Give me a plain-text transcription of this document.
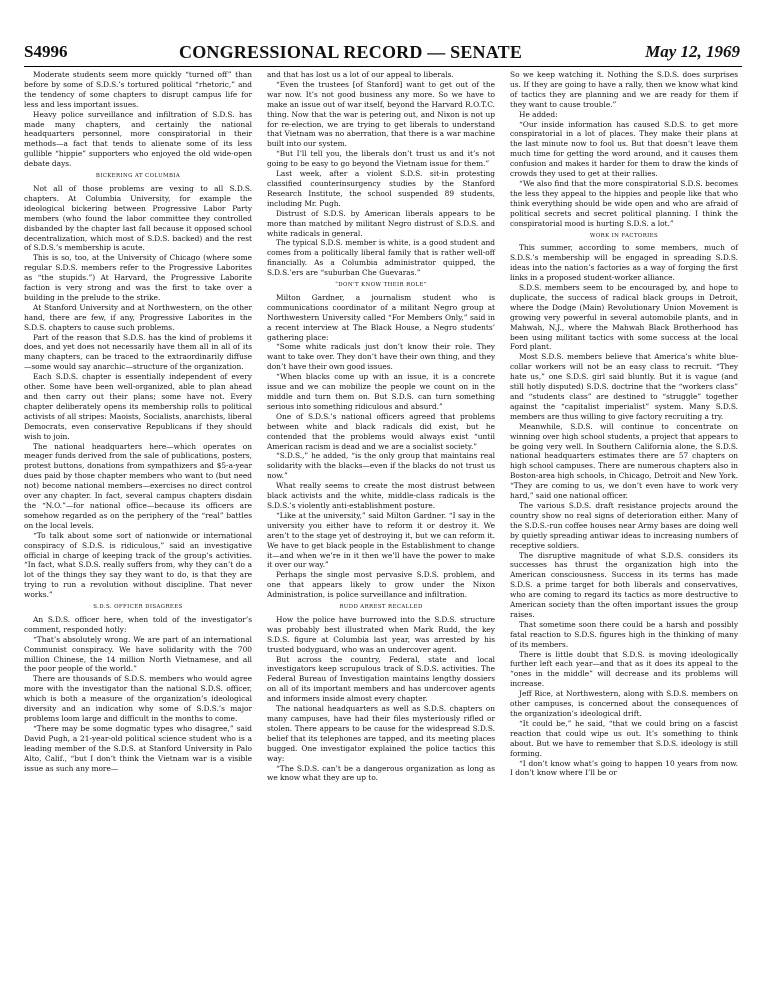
S4996	CONGRESSIONAL RECORD — SENATE	May 12, 1969

Moderate students seem more quickly “turned off” than before by some of S.D.S.’s tortured political “rhetoric,” and the tendency of some chapters to disrupt campus life for less and less important issues.

Heavy police surveillance and infiltration of S.D.S. has made many chapters, and certainly the national headquarters personnel, more conspiratorial in their methods—a fact that tends to alienate some of its less gullible “hippie” supporters who enjoyed the old wide-open debate days.

BICKERING AT COLUMBIA

Not all of those problems are vexing to all S.D.S. chapters. At Columbia University, for example the ideological bickering between Progressive Labor Party members (who found the labor committee they controlled disbanded by the chapter last fall because it opposed school decentralization, which most of S.D.S. backed) and the rest of S.D.S.’s membership is acute.

This is so, too, at the University of Chicago (where some regular S.D.S. members refer to the Progressive Laborites as “the stupids.”) At Harvard, the Progressive Laborite faction is very strong and was the first to take over a building in the prelude to the strike.

At Stanford University and at Northwestern, on the other hand, there are few, if any, Progressive Laborites in the S.D.S. chapters to cause such problems.

Part of the reason that S.D.S. has the kind of problems it does, and yet does not necessarily have them all in all of its many chapters, can be traced to the extraordinarily diffuse—some would say anarchic—structure of the organization.

Each S.D.S. chapter is essentially independent of every other. Some have been well-organized, able to plan ahead and then carry out their plans; some have not. Every chapter deliberately opens its membership rolls to political activists of all stripes: Maoists, Socialists, anarchists, liberal Democrats, even conservative Republicans if they should wish to join.

The national headquarters here—which operates on meager funds derived from the sale of publications, posters, protest buttons, donations from sympathizers and $5-a-year dues paid by those chapter members who want to (but need not) become national members—exercises no direct control over any chapter. In fact, several campus chapters disdain the “N.O.”—for national office—because its officers are somehow regarded as on the periphery of the “real” battles on the local levels.

“To talk about some sort of nationwide or international conspiracy of S.D.S. is ridiculous,” said an investigative official in charge of keeping track of the group’s activities. “In fact, what S.D.S. really suffers from, why they can’t do a lot of the things they say they want to do, is that they are trying to run a revolution without discipline. That never works.”

S.D.S. OFFICER DISAGREES

An S.D.S. officer here, when told of the investigator’s comment, responded hotly:

“That’s absolutely wrong. We are part of an international Communist conspiracy. We have solidarity with the 700 million Chinese, the 14 million North Vietnamese, and all the poor people of the world.”

There are thousands of S.D.S. members who would agree more with the investigator than the national S.D.S. officer, which is both a measure of the organization’s ideological diversity and an indication why some of S.D.S.’s major problems loom large and difficult in the months to come.

“There may be some dogmatic types who disagree,” said David Pugh, a 21-year-old political science student who is a leading member of the S.D.S. at Stanford University in Palo Alto, Calif., “but I don’t think the Vietnam war is a visible issue as such any more—

and that has lost us a lot of our appeal to liberals.

“Even the trustees [of Stanford] want to get out of the war now. It’s not good business any more. So we have to make an issue out of war itself, beyond the Harvard R.O.T.C. thing. Now that the war is petering out, and Nixon is not up for re-election, we are trying to get liberals to understand that Vietnam was no aberration, that there is a war machine built into our system.

“But I’ll tell you, the liberals don’t trust us and it’s not going to be easy to go beyond the Vietnam issue for them.”

Last week, after a violent S.D.S. sit-in protesting classified counterinsurgency studies by the Stanford Research Institute, the school suspended 89 students, including Mr. Pugh.

Distrust of S.D.S. by American liberals appears to be more than matched by militant Negro distrust of S.D.S. and white radicals in general.

The typical S.D.S. member is white, is a good student and comes from a politically liberal family that is rather well-off financially. As a Columbia administrator quipped, the S.D.S.’ers are “suburban Che Guevaras.”

“DON’T KNOW THEIR ROLE”

Milton Gardner, a journalism student who is communications coordinator of a militant Negro group at Northwestern University called “For Members Only,” said in a recent interview at The Black House, a Negro students’ gathering place:

“Some white radicals just don’t know their role. They want to take over. They don’t have their own thing, and they don’t have their own good issues.

“When blacks come up with an issue, it is a concrete issue and we can mobilize the people we count on in the middle and turn them on. But S.D.S. can turn something serious into something ridiculous and absurd.”

One of S.D.S.’s national officers agreed that problems between white and black radicals did exist, but he contended that the problems would always exist “until American racism is dead and we are a socialist society.”

“S.D.S.,” he added, “is the only group that maintains real solidarity with the blacks—even if the blacks do not trust us now.”

What really seems to create the most distrust between black activists and the white, middle-class radicals is the S.D.S.’s violently anti-establishment posture.

“Like at the university,” said Milton Gardner. “I say in the university you either have to reform it or destroy it. We aren’t to the stage yet of destroying it, but we can reform it. We have to get black people in the Establishment to change it—and when we’re in it then we’ll have the power to make it over our way.”

Perhaps the single most pervasive S.D.S. problem, and one that appears likely to grow under the Nixon Administration, is police surveillance and infiltration.

RUDD ARREST RECALLED

How the police have burrowed into the S.D.S. structure was probably best illustrated when Mark Rudd, the key S.D.S. figure at Columbia last year, was arrested by his trusted bodyguard, who was an undercover agent.

But across the country, Federal, state and local investigators keep scrupulous track of S.D.S. activities. The Federal Bureau of Investigation maintains lengthy dossiers on all of its important members and has undercover agents and informers inside almost every chapter.

The national headquarters as well as S.D.S. chapters on many campuses, have had their files mysteriously rifled or stolen. There appears to be cause for the widespread S.D.S. belief that its telephones are tapped, and its meeting places bugged. One investigator explained the police tactics this way:

“The S.D.S. can’t be a dangerous organization as long as we know what they are up to.

So we keep watching it. Nothing the S.D.S. does surprises us. If they are going to have a rally, then we know what kind of tactics they are planning and we are ready for them if they want to cause trouble.”

He added:

“Our inside information has caused S.D.S. to get more conspiratorial in a lot of places. They make their plans at the last minute now to fool us. But that doesn’t leave them much time for getting the word around, and it causes them confusion and makes it harder for them to draw the kinds of crowds they used to get at their rallies.

“We also find that the more conspiratorial S.D.S. becomes the less they appeal to the hippies and people like that who think everything should be wide open and who are afraid of political secrets and secret political planning. I think the conspiratorial mood is hurting S.D.S. a lot.”

WORK IN FACTORIES

This summer, according to some members, much of S.D.S.’s membership will be engaged in spreading S.D.S. ideas into the nation’s factories as a way of forging the first links in a proposed student-worker alliance.

S.D.S. members seem to be encouraged by, and hope to duplicate, the success of radical black groups in Detroit, where the Dodge (Main) Revolutionary Union Movement is growing very powerful in several automobile plants, and in Mahwah, N.J., where the Mahwah Black Brotherhood has been using militant tactics with some success at the local Ford plant.

Most S.D.S. members believe that America’s white blue-collar workers will not be an easy class to recruit. “They hate us,” one S.D.S. girl said bluntly. But it is vague (and still hotly disputed) S.D.S. doctrine that the “workers class” and “students class” are destined to “struggle” together against the “capitalist imperialist” system. Many S.D.S. members are thus willing to give factory recruiting a try.

Meanwhile, S.D.S. will continue to concentrate on winning over high school students, a project that appears to be going very well. In Southern California alone, the S.D.S. national headquarters estimates there are 57 chapters on high school campuses. There are numerous chapters also in Boston-area high schools, in Chicago, Detroit and New York. “They are coming to us, we don’t even have to work very hard,” said one national officer.

The various S.D.S. draft resistance projects around the country show no real signs of deterioration either. Many of the S.D.S.-run coffee houses near Army bases are doing well by quietly spreading antiwar ideas to increasing numbers of receptive soldiers.

The disruptive magnitude of what S.D.S. considers its successes has thrust the organization high into the American consciousness. Success in its terms has made S.D.S. a prime target for both liberals and conservatives, who are coming to regard its tactics as more destructive to American society than the often important issues the group raises.

That sometime soon there could be a harsh and possibly fatal reaction to S.D.S. figures high in the thinking of many of its members.

There is little doubt that S.D.S. is moving ideologically further left each year—and that as it does its appeal to the “ones in the middle” will decrease and its problems will increase.

Jeff Rice, at Northwestern, along with S.D.S. members on other campuses, is concerned about the consequences of the organization’s ideological drift.

“It could be,” he said, “that we could bring on a fascist reaction that could wipe us out. It’s something to think about. But we have to remember that S.D.S. ideology is still forming.

“I don’t know what’s going to happen 10 years from now. I don’t know where I’ll be or
